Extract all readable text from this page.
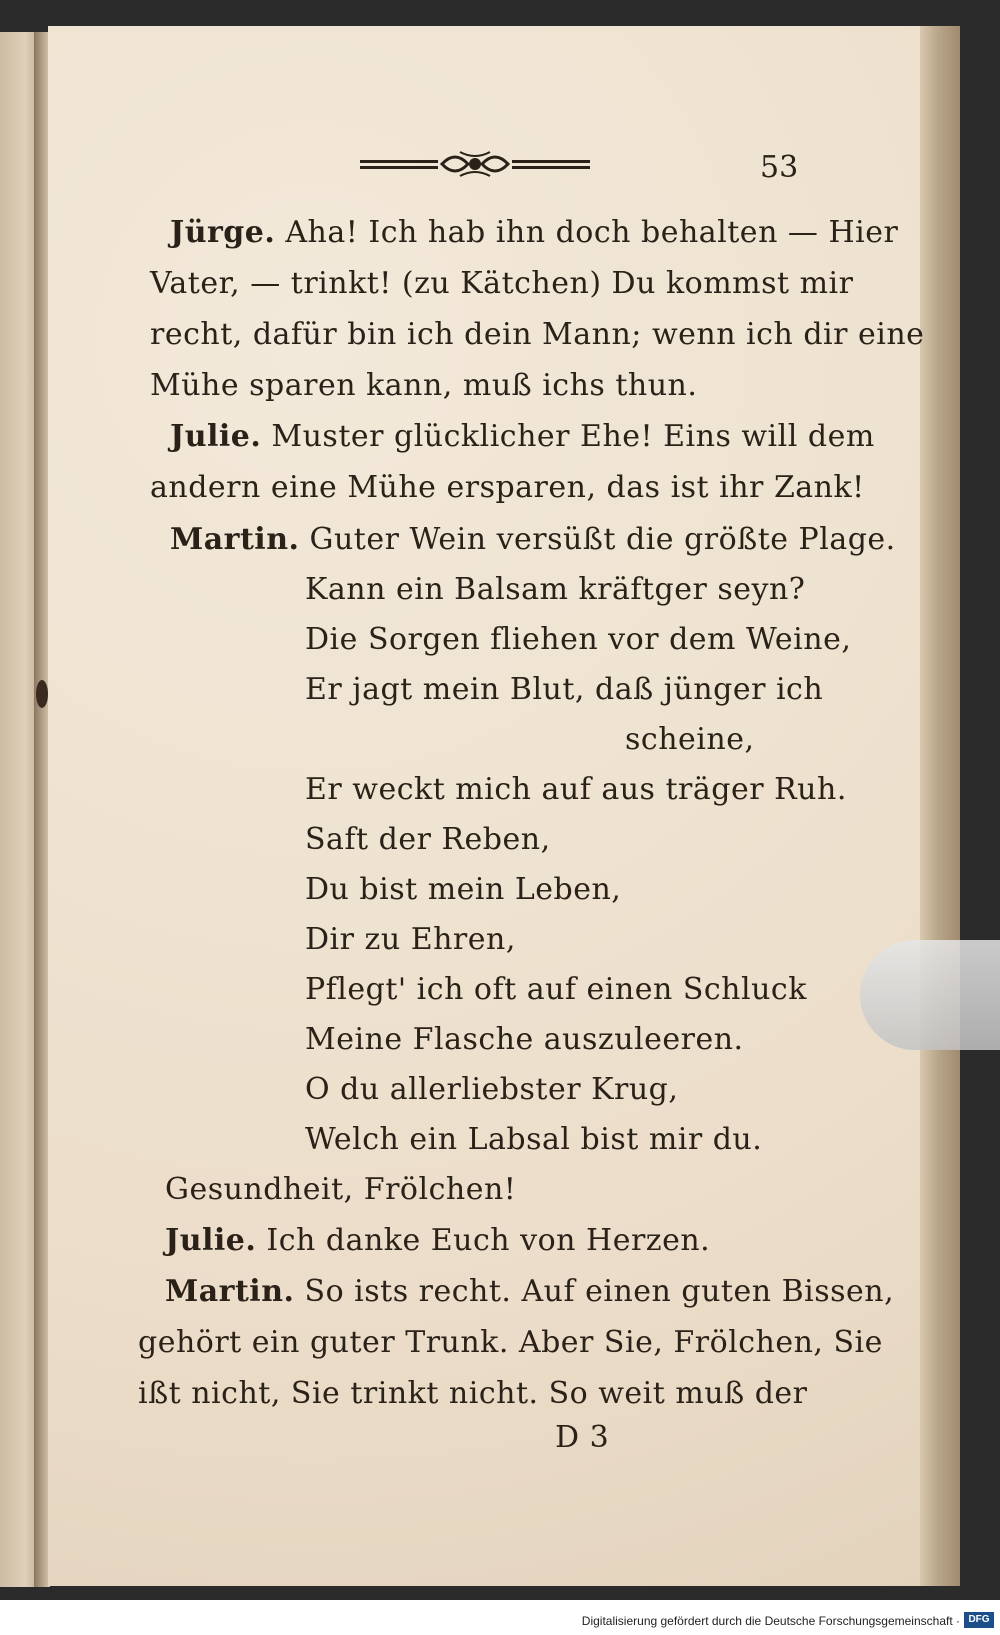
53
Jürge. Aha! Ich hab ihn doch behalten — Hier
Vater, — trinkt! (zu Kätchen) Du kommst mir
recht, dafür bin ich dein Mann; wenn ich dir eine
Mühe sparen kann, muß ichs thun.
Julie. Muster glücklicher Ehe! Eins will dem
andern eine Mühe ersparen, das ist ihr Zank!
Martin. Guter Wein versüßt die größte Plage.
Kann ein Balsam kräftger seyn?
Die Sorgen fliehen vor dem Weine,
Er jagt mein Blut, daß jünger ich
scheine,
Er weckt mich auf aus träger Ruh.
Saft der Reben,
Du bist mein Leben,
Dir zu Ehren,
Pflegt' ich oft auf einen Schluck
Meine Flasche auszuleeren.
O du allerliebster Krug,
Welch ein Labsal bist mir du.
Gesundheit, Frölchen!
Julie. Ich danke Euch von Herzen.
Martin. So ists recht. Auf einen guten Bissen,
gehört ein guter Trunk. Aber Sie, Frölchen, Sie
ißt nicht, Sie trinkt nicht. So weit muß der
D 3
Digitalisierung gefördert durch die Deutsche Forschungsgemeinschaft · DFG
